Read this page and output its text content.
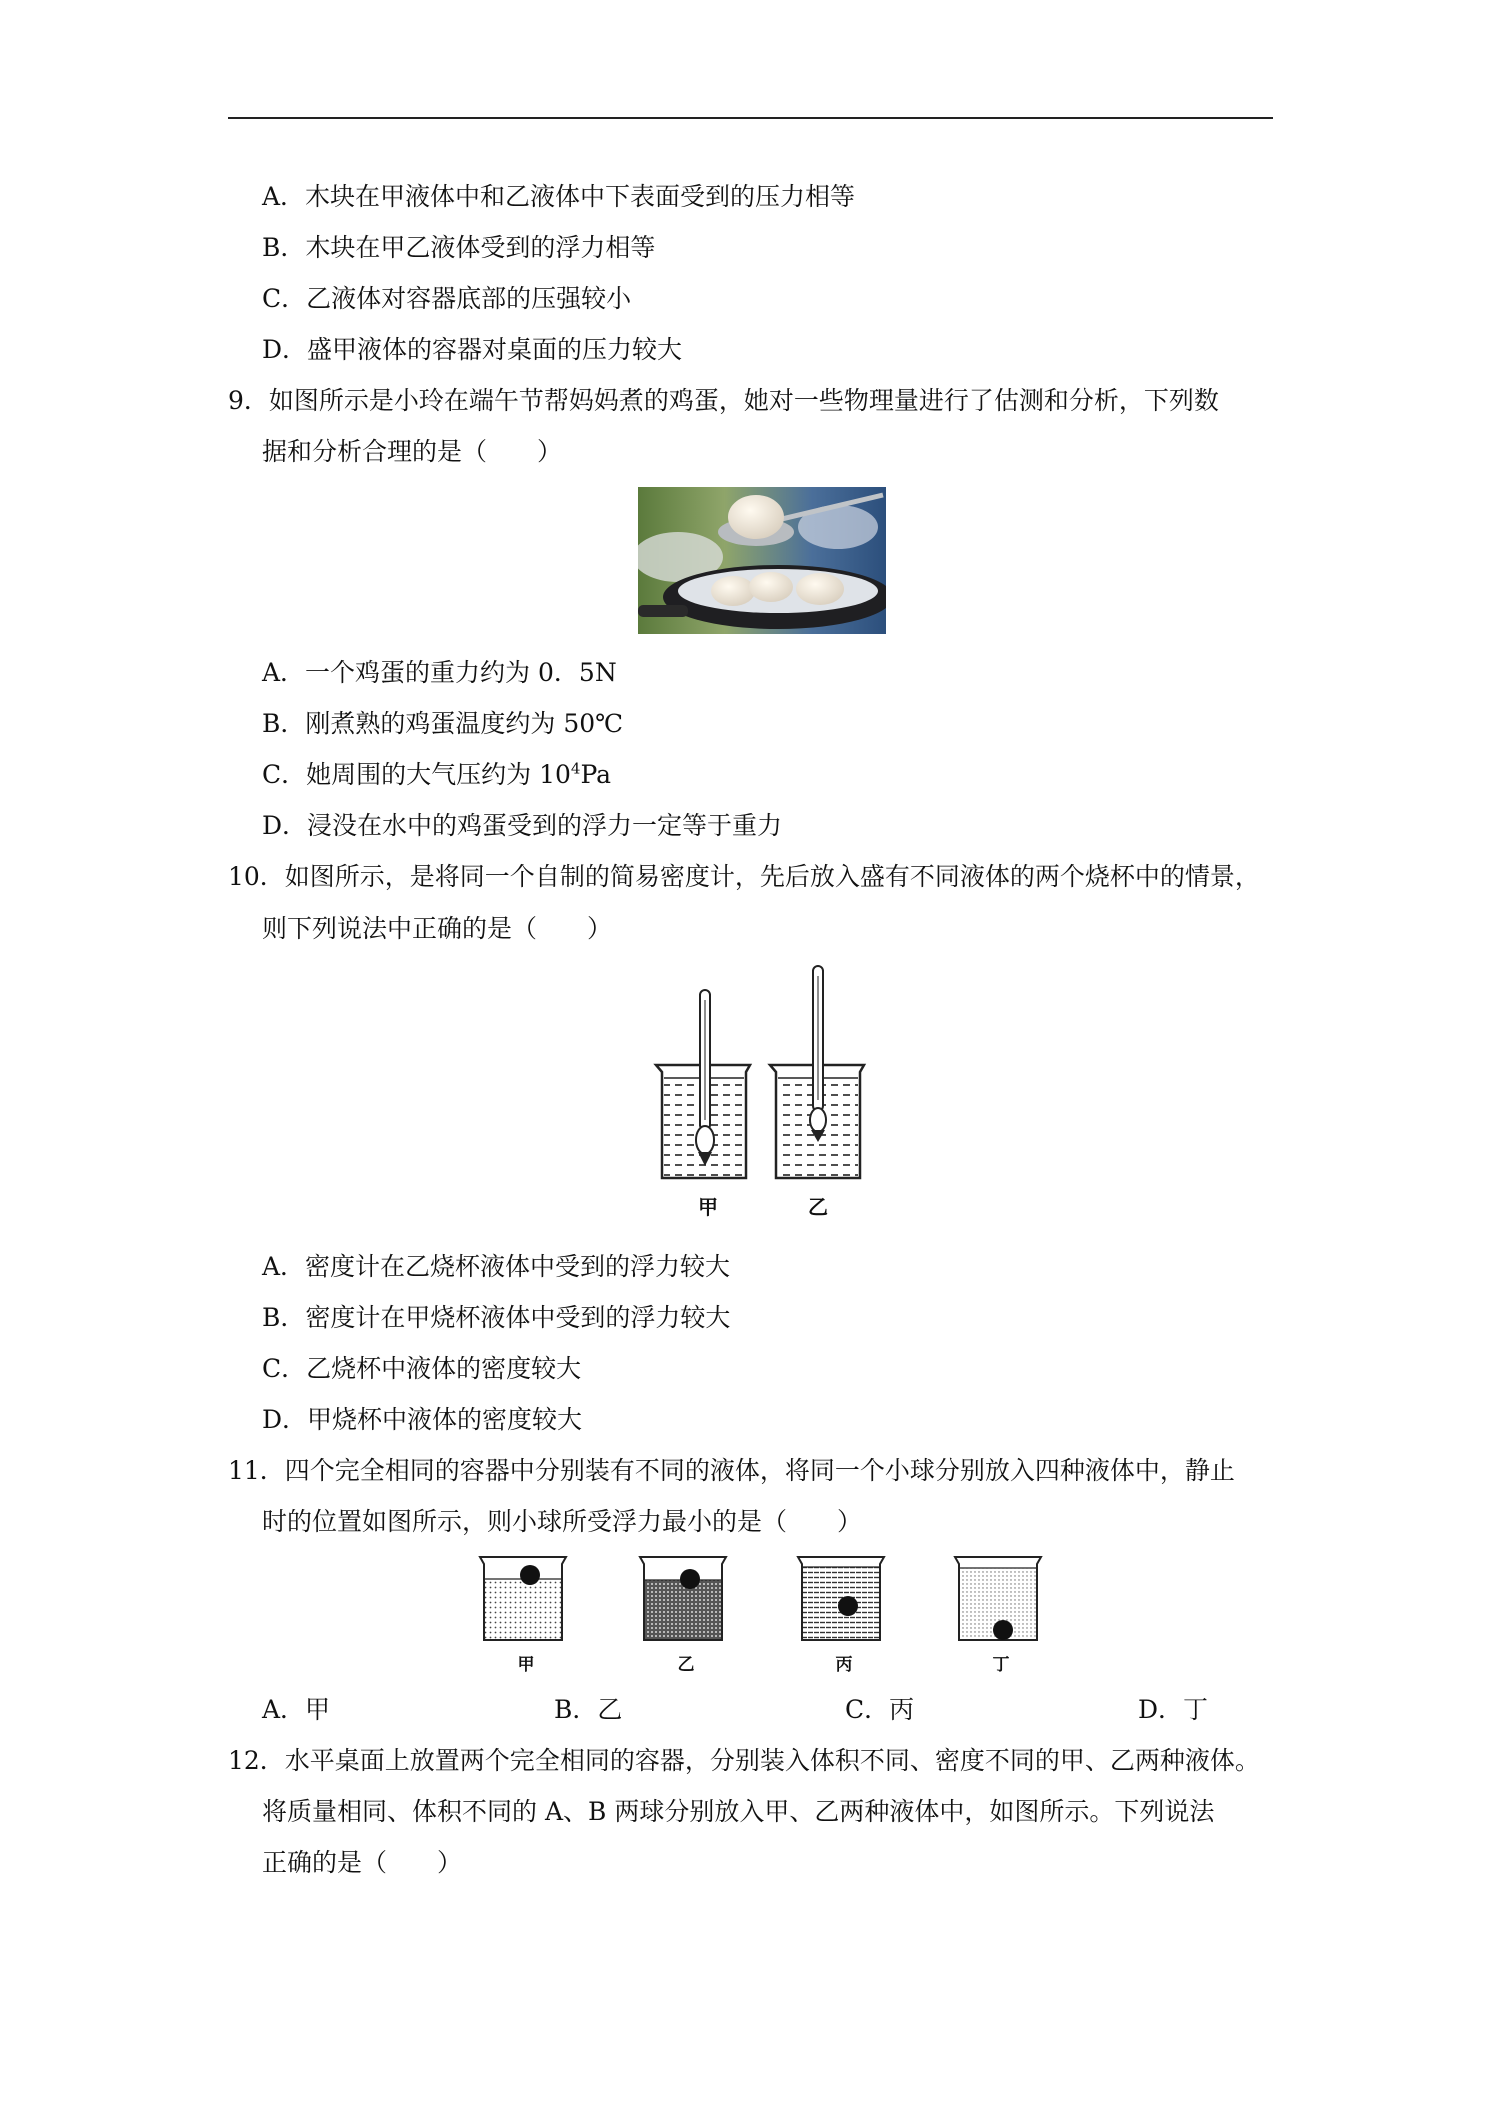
A．木块在甲液体中和乙液体中下表面受到的压力相等
B．木块在甲乙液体受到的浮力相等
C．乙液体对容器底部的压强较小
D．盛甲液体的容器对桌面的压力较大
9．如图所示是小玲在端午节帮妈妈煮的鸡蛋，她对一些物理量进行了估测和分析，下列数
据和分析合理的是（　　）
A．一个鸡蛋的重力约为 0．5N
B．刚煮熟的鸡蛋温度约为 50℃
C．她周围的大气压约为 $10^4Pa$
D．浸没在水中的鸡蛋受到的浮力一定等于重力
10．如图所示，是将同一个自制的简易密度计，先后放入盛有不同液体的两个烧杯中的情景，
则下列说法中正确的是（　　）
甲	乙
A．密度计在乙烧杯液体中受到的浮力较大
B．密度计在甲烧杯液体中受到的浮力较大
C．乙烧杯中液体的密度较大
D．甲烧杯中液体的密度较大
11．四个完全相同的容器中分别装有不同的液体，将同一个小球分别放入四种液体中，静止
时的位置如图所示，则小球所受浮力最小的是（　　）
甲	乙	丙	丁
A．甲	B．乙	C．丙	D．丁
12．水平桌面上放置两个完全相同的容器，分别装入体积不同、密度不同的甲、乙两种液体。
将质量相同、体积不同的 A、B 两球分别放入甲、乙两种液体中，如图所示。下列说法
正确的是（　　）
